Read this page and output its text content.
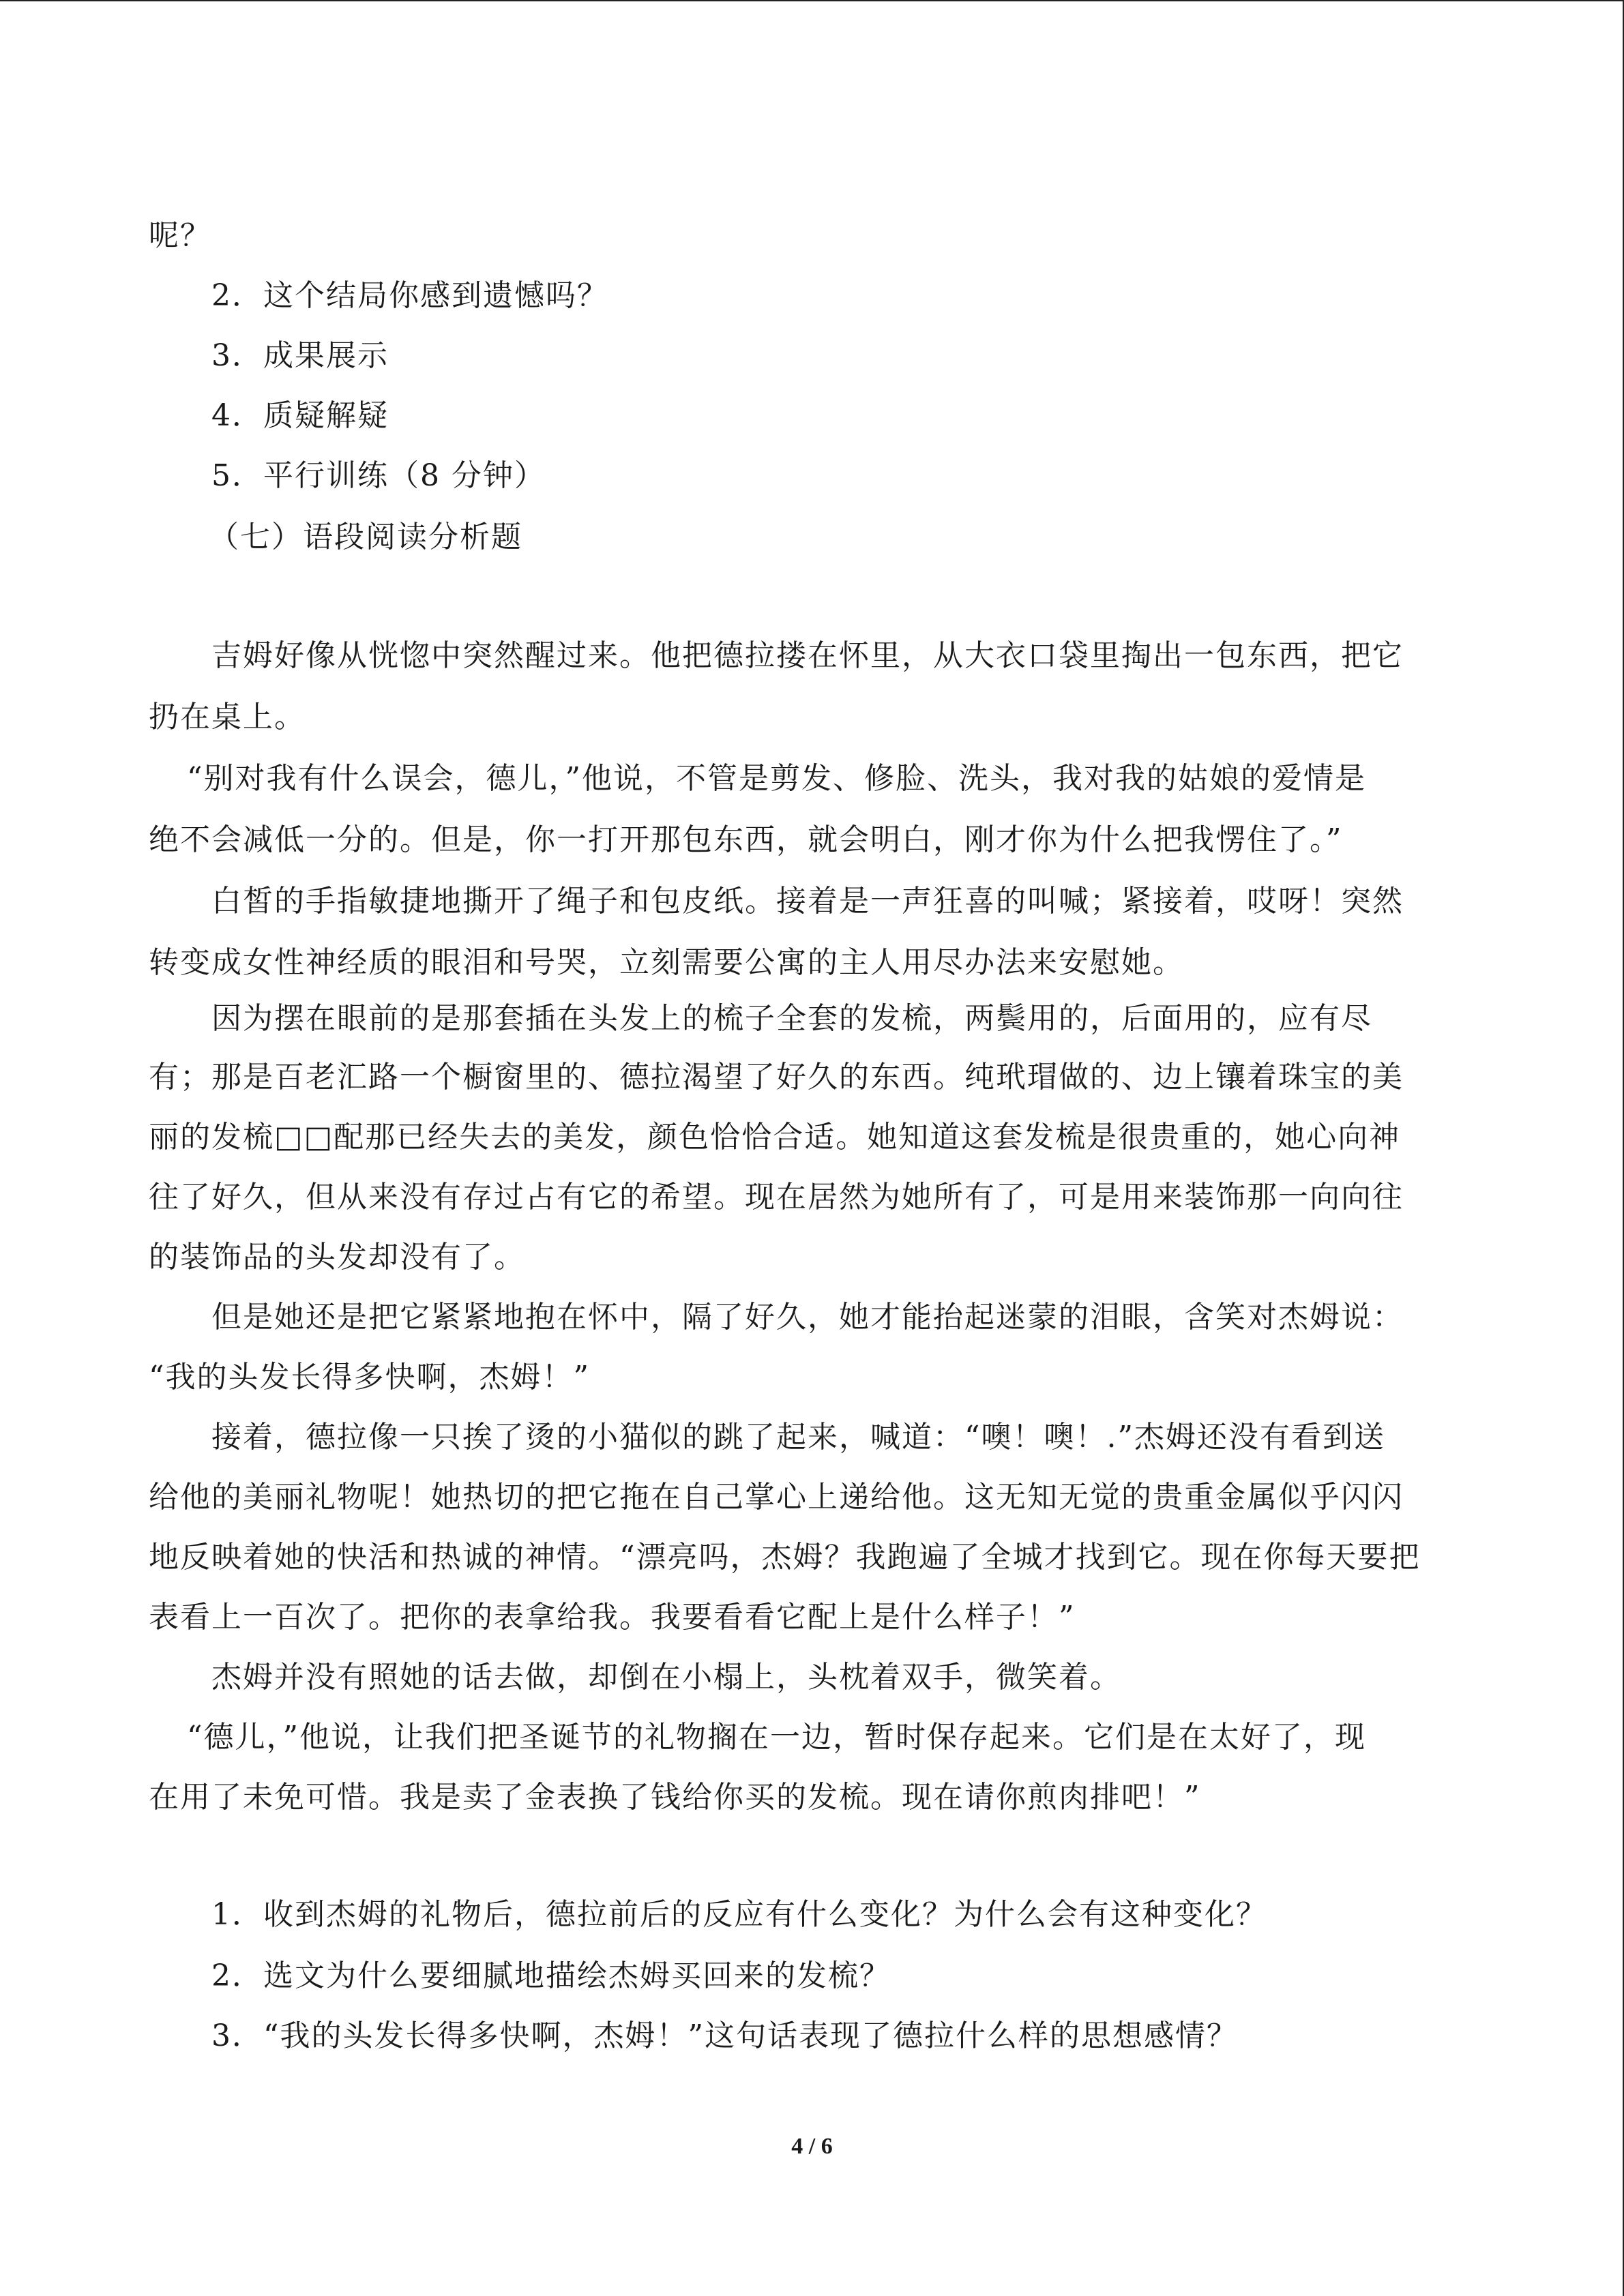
呢？
2．这个结局你感到遗憾吗？
3．成果展示
4．质疑解疑
5．平行训练（8 分钟）
（七）语段阅读分析题
吉姆好像从恍惚中突然醒过来。他把德拉搂在怀里，从大衣口袋里掏出一包东西，把它
扔在桌上。
“别对我有什么误会，德儿，”他说，不管是剪发、修脸、洗头，我对我的姑娘的爱情是
绝不会减低一分的。但是，你一打开那包东西，就会明白，刚才你为什么把我愣住了。”
白皙的手指敏捷地撕开了绳子和包皮纸。接着是一声狂喜的叫喊；紧接着，哎呀！突然
转变成女性神经质的眼泪和号哭，立刻需要公寓的主人用尽办法来安慰她。
因为摆在眼前的是那套插在头发上的梳子全套的发梳，两鬓用的，后面用的，应有尽
有；那是百老汇路一个橱窗里的、德拉渴望了好久的东西。纯玳瑁做的、边上镶着珠宝的美
丽的发梳□□配那已经失去的美发，颜色恰恰合适。她知道这套发梳是很贵重的，她心向神
往了好久，但从来没有存过占有它的希望。现在居然为她所有了，可是用来装饰那一向向往
的装饰品的头发却没有了。
但是她还是把它紧紧地抱在怀中，隔了好久，她才能抬起迷蒙的泪眼，含笑对杰姆说：
“我的头发长得多快啊，杰姆！”
接着，德拉像一只挨了烫的小猫似的跳了起来，喊道：“噢！噢！.”杰姆还没有看到送
给他的美丽礼物呢！她热切的把它拖在自己掌心上递给他。这无知无觉的贵重金属似乎闪闪
地反映着她的快活和热诚的神情。“漂亮吗，杰姆？我跑遍了全城才找到它。现在你每天要把
表看上一百次了。把你的表拿给我。我要看看它配上是什么样子！”
杰姆并没有照她的话去做，却倒在小榻上，头枕着双手，微笑着。
“德儿，”他说，让我们把圣诞节的礼物搁在一边，暂时保存起来。它们是在太好了，现
在用了未免可惜。我是卖了金表换了钱给你买的发梳。现在请你煎肉排吧！”
1．收到杰姆的礼物后，德拉前后的反应有什么变化？为什么会有这种变化？
2．选文为什么要细腻地描绘杰姆买回来的发梳？
3．“我的头发长得多快啊，杰姆！”这句话表现了德拉什么样的思想感情？
4 / 6
